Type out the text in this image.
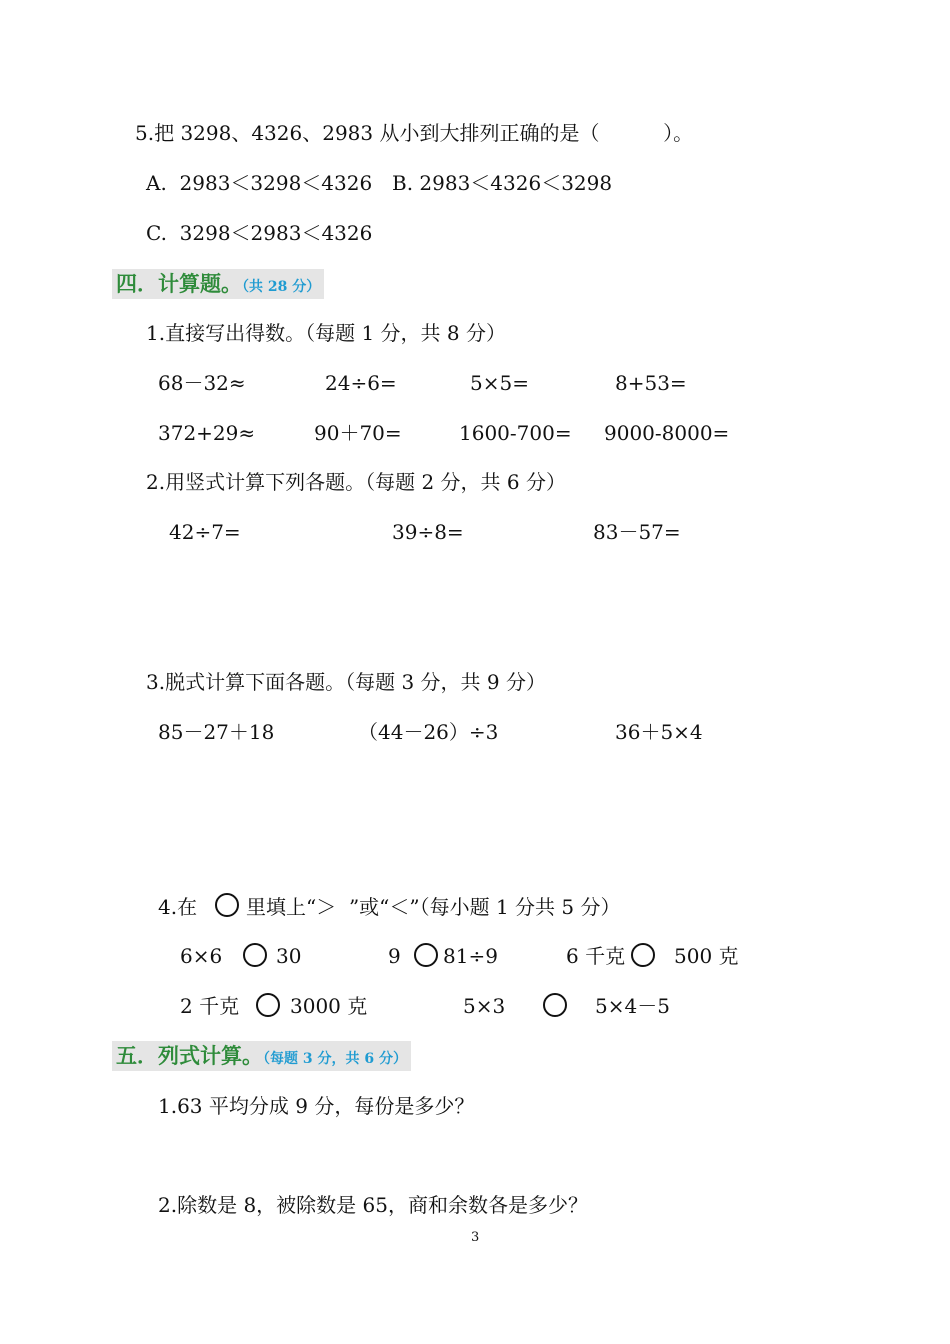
5.把 3298、4326、2983 从小到大排列正确的是（          ）。
A.  2983＜3298＜4326 B. 2983＜4326＜3298
C.  3298＜2983＜4326
四．计算题。（共 28 分）
1.直接写出得数。（每题 1 分，共 8 分）
68－32≈	24÷6=	5×5=	8+53=
372+29≈	90＋70=	1600-700= 9000-8000=
2.用竖式计算下列各题。（每题 2 分，共 6 分）
42÷7=	39÷8=	83－57=
3.脱式计算下面各题。（每题 3 分，共 9 分）
85－27＋18	（44－26）÷3	36＋5×4
4.在 里填上“＞  ”或“＜”（每小题 1 分共 5 分）
6×6	30	9 81÷9	6 千克 500 克
2 千克	3000 克	5×3	5×4－5
五．列式计算。（每题 3 分，共 6 分）
1.63 平均分成 9 分，每份是多少？
2.除数是 8，被除数是 65，商和余数各是多少？
3
